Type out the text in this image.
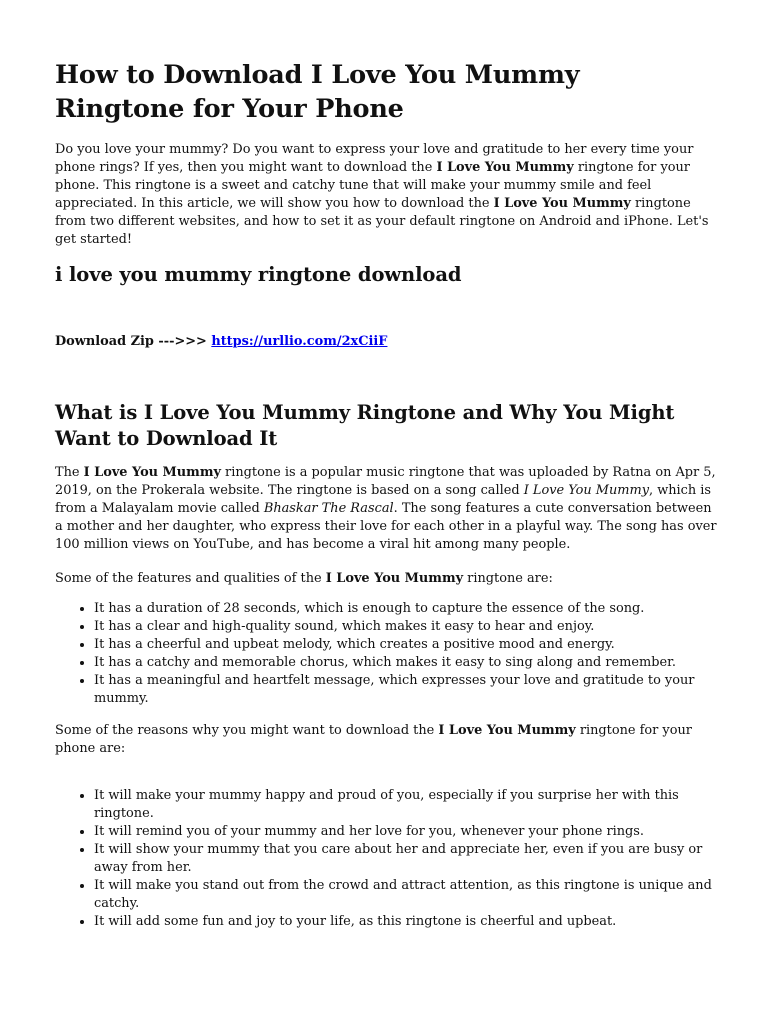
How to Download I Love You Mummy Ringtone for Your Phone

Do you love your mummy? Do you want to express your love and gratitude to her every time your phone rings? If yes, then you might want to download the I Love You Mummy ringtone for your phone. This ringtone is a sweet and catchy tune that will make your mummy smile and feel appreciated. In this article, we will show you how to download the I Love You Mummy ringtone from two different websites, and how to set it as your default ringtone on Android and iPhone. Let's get started!

i love you mummy ringtone download

Download Zip --->>> https://urllio.com/2xCiiF

What is I Love You Mummy Ringtone and Why You Might Want to Download It

The I Love You Mummy ringtone is a popular music ringtone that was uploaded by Ratna on Apr 5, 2019, on the Prokerala website. The ringtone is based on a song called I Love You Mummy, which is from a Malayalam movie called Bhaskar The Rascal. The song features a cute conversation between a mother and her daughter, who express their love for each other in a playful way. The song has over 100 million views on YouTube, and has become a viral hit among many people.

Some of the features and qualities of the I Love You Mummy ringtone are:

• It has a duration of 28 seconds, which is enough to capture the essence of the song.
• It has a clear and high-quality sound, which makes it easy to hear and enjoy.
• It has a cheerful and upbeat melody, which creates a positive mood and energy.
• It has a catchy and memorable chorus, which makes it easy to sing along and remember.
• It has a meaningful and heartfelt message, which expresses your love and gratitude to your mummy.

Some of the reasons why you might want to download the I Love You Mummy ringtone for your phone are:

• It will make your mummy happy and proud of you, especially if you surprise her with this ringtone.
• It will remind you of your mummy and her love for you, whenever your phone rings.
• It will show your mummy that you care about her and appreciate her, even if you are busy or away from her.
• It will make you stand out from the crowd and attract attention, as this ringtone is unique and catchy.
• It will add some fun and joy to your life, as this ringtone is cheerful and upbeat.
